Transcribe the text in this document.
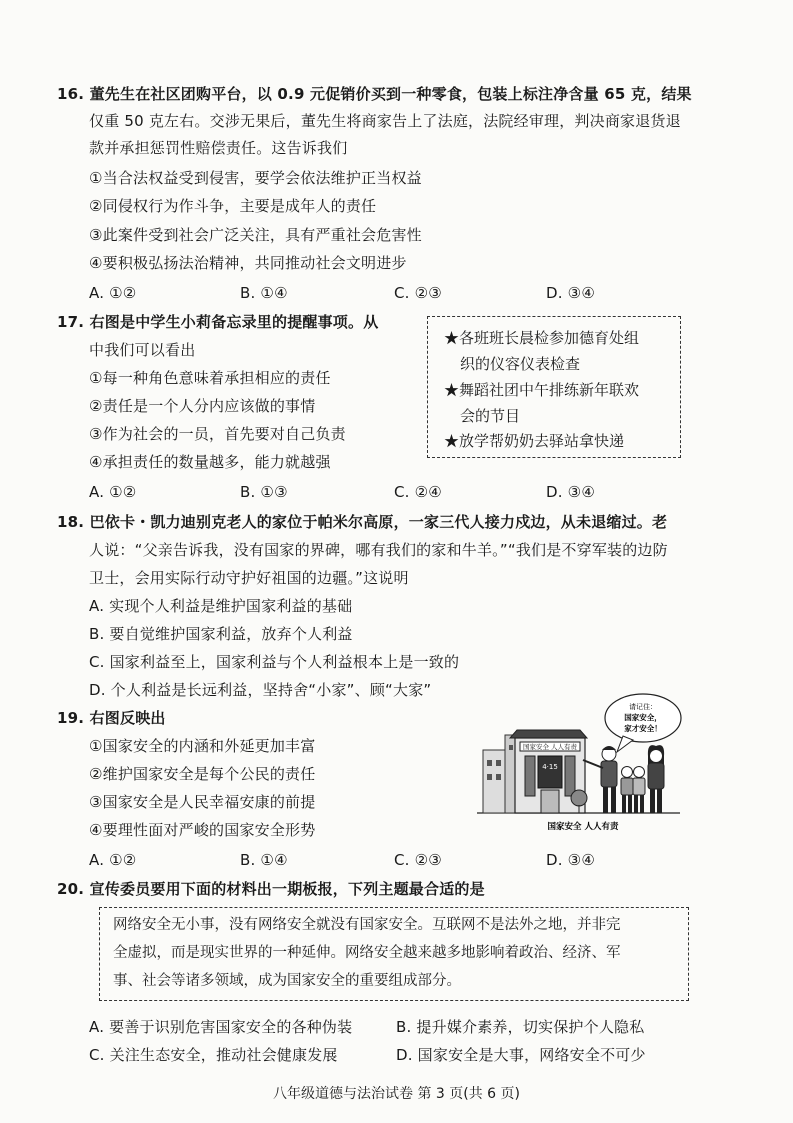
16. 董先生在社区团购平台，以 0.9 元促销价买到一种零食，包装上标注净含量 65 克，结果
仅重 50 克左右。交涉无果后，董先生将商家告上了法庭，法院经审理，判决商家退货退
款并承担惩罚性赔偿责任。这告诉我们
①当合法权益受到侵害，要学会依法维护正当权益
②同侵权行为作斗争，主要是成年人的责任
③此案件受到社会广泛关注，具有严重社会危害性
④要积极弘扬法治精神，共同推动社会文明进步
A. ①②	B. ①④	C. ②③	D. ③④
17. 右图是中学生小莉备忘录里的提醒事项。从
中我们可以看出
①每一种角色意味着承担相应的责任
②责任是一个人分内应该做的事情
③作为社会的一员，首先要对自己负责
④承担责任的数量越多，能力就越强
★各班班长晨检参加德育处组
织的仪容仪表检查
★舞蹈社团中午排练新年联欢
会的节目
★放学帮奶奶去驿站拿快递
A. ①②	B. ①③	C. ②④	D. ③④
18. 巴依卡・凯力迪别克老人的家位于帕米尔高原，一家三代人接力戍边，从未退缩过。老
人说：“父亲告诉我，没有国家的界碑，哪有我们的家和牛羊。”“我们是不穿军装的边防
卫士，会用实际行动守护好祖国的边疆。”这说明
A. 实现个人利益是维护国家利益的基础
B. 要自觉维护国家利益，放弃个人利益
C. 国家利益至上，国家利益与个人利益根本上是一致的
D. 个人利益是长远利益，坚持舍“小家”、顾“大家”
19. 右图反映出
①国家安全的内涵和外延更加丰富
②维护国家安全是每个公民的责任
③国家安全是人民幸福安康的前提
④要理性面对严峻的国家安全形势
国家安全 人人有责
4·15
请记住：
国家安全，
家才安全！
国家安全 人人有责
A. ①②	B. ①④	C. ②③	D. ③④
20. 宣传委员要用下面的材料出一期板报，下列主题最合适的是
网络安全无小事，没有网络安全就没有国家安全。互联网不是法外之地，并非完
全虚拟，而是现实世界的一种延伸。网络安全越来越多地影响着政治、经济、军
事、社会等诸多领域，成为国家安全的重要组成部分。
A. 要善于识别危害国家安全的各种伪装	B. 提升媒介素养，切实保护个人隐私
C. 关注生态安全，推动社会健康发展	D. 国家安全是大事，网络安全不可少
八年级道德与法治试卷 第 3 页(共 6 页)
